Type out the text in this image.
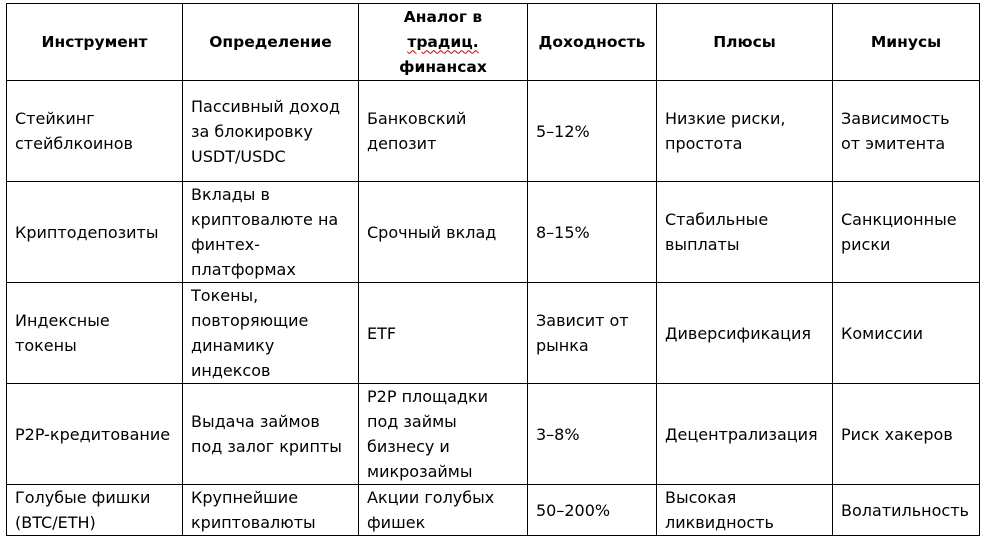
Инструмент	Определение	Аналог в традиц. финансах	Доходность	Плюсы	Минусы
Стейкинг стейблкоинов	Пассивный доход за блокировку USDT/USDC	Банковский депозит	5–12%	Низкие риски, простота	Зависимость от эмитента
Криптодепозиты	Вклады в криптовалюте на финтех-платформах	Срочный вклад	8–15%	Стабильные выплаты	Санкционные риски
Индексные токены	Токены, повторяющие динамику индексов	ETF	Зависит от рынка	Диверсификация	Комиссии
P2P-кредитование	Выдача займов под залог крипты	P2P площадки под займы бизнесу и микрозаймы	3–8%	Децентрализация	Риск хакеров
Голубые фишки (BTC/ETH)	Крупнейшие криптовалюты	Акции голубых фишек	50–200%	Высокая ликвидность	Волатильность
